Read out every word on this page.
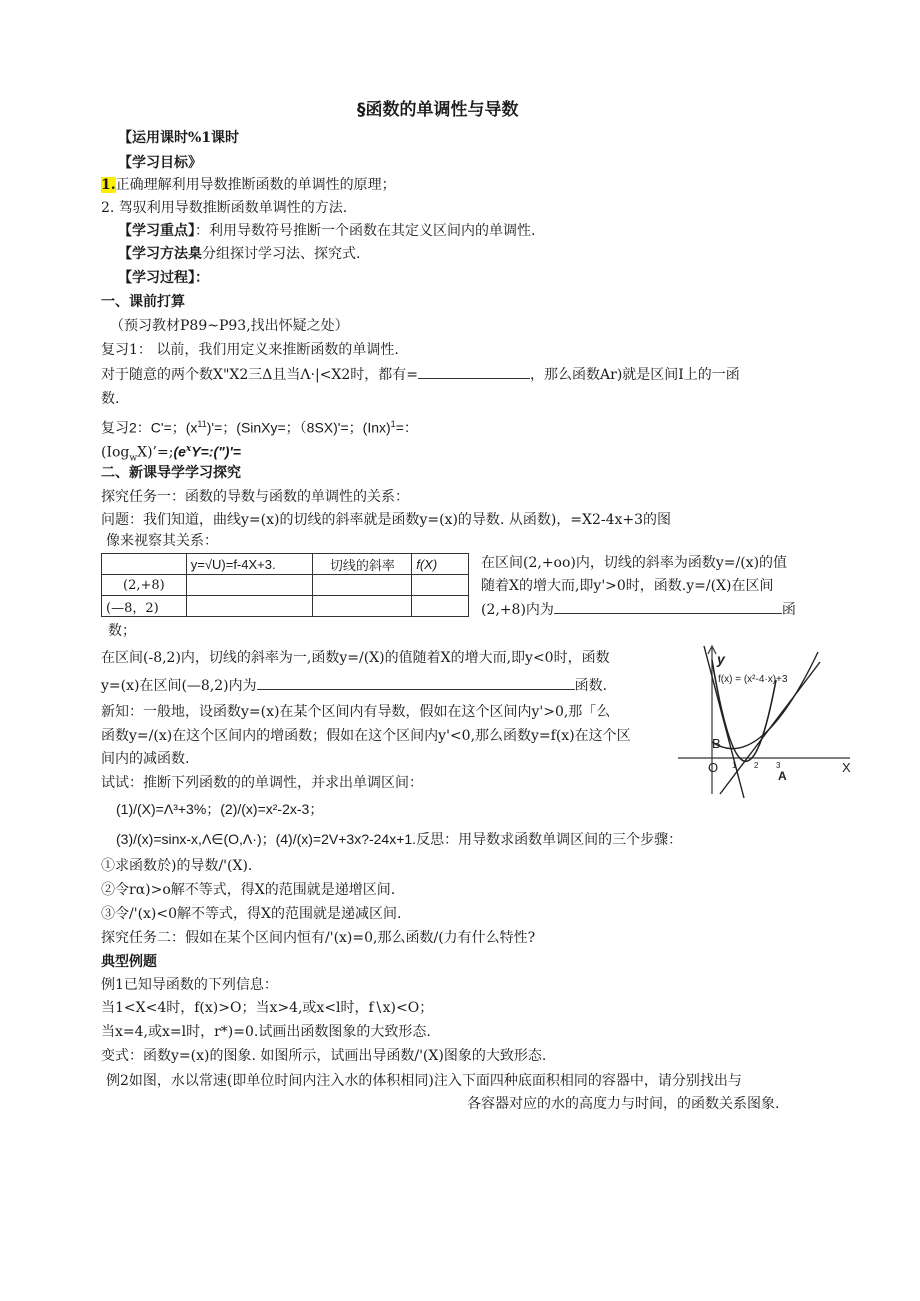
§函数的单调性与导数
【运用课时%1课时
【学习目标》
1.正确理解利用导数推断函数的单调性的原理；
2. 驾驭利用导数推断函数单调性的方法.
【学习重点】：利用导数符号推断一个函数在其定义区间内的单调性.
【学习方法臬分组探讨学习法、探究式.
【学习过程】：
一、课前打算
（预习教材P89~P93,找出怀疑之处）
复习1： 以前，我们用定义来推断函数的单调性.
对于随意的两个数X"X2三Δ且当Λ·|<X2时，都有=	，那么函数Ar)就是区间I上的一函
数.
复习2：C'=；$(x^{11})'=$；(SinXy=；（8SX)'=；(Inx)$^1$=：
$(Iog_wX)’=;(e^xY=:(")'=$
二、新课导学学习探究
探究任务一：函数的导数与函数的单调性的关系：
问题：我们知道，曲线y=(x)的切线的斜率就是函数y=(x)的导数. 从函数)，=X2-4x+3的图
像来视察其关系：
	y=√U)=f-4X+3.	切线的斜率	f(X)
(2,+8)			
(—8，2)			
在区间(2,+oo)内，切线的斜率为函数y=/(x)的值
随着X的增大而,即y'>0时，函数.y=/(X)在区间
(2,+8)内为	函
数；
在区间(-8,2)内，切线的斜率为一,函数y=/(X)的值随着X的增大而,即y<0时，函数
y=(x)在区间(—8,2)内为	函数.
新知：一般地，设函数y=(x)在某个区间内有导数，假如在这个区间内y'>0,那「么
函数y=/(x)在这个区间内的增函数；假如在这个区间内y'<0,那么函数y=f(x)在这个区
间内的减函数.
y
X
f(x) = (x²-4·x)+3
B
O 1 2 3
A
试试：推断下列函数的的单调性，并求出单调区间：
(1)/(X)=Λ³+3%；(2)/(x)=x²-2x-3；
(3)/(x)=sinx-x,Λ∈(O,Λ·)；(4)/(x)=2V+3x?-24x+1.反思：用导数求函数单调区间的三个步骤：
①求函数於)的导数/'(X).
②令rα)>o解不等式，得X的范围就是递增区间.
③令/'(x)<0解不等式，得X的范围就是递减区间.
探究任务二：假如在某个区间内恒有/'(x)=0,那么函数/(力有什么特性?
典型例题
例1已知导函数的下列信息：
当1<X<4时，f(x)>O；当x>4,或x<l时，f∖x)<O；
当x=4,或x=l时，r*)=0.试画出函数图象的大致形态.
变式：函数y=(x)的图象. 如图所示，试画出导函数/'(X)图象的大致形态.
例2如图，水以常速(即单位时间内注入水的体积相同)注入下面四种底面积相同的容器中，请分别找出与
各容器对应的水的高度力与时间，的函数关系图象.
